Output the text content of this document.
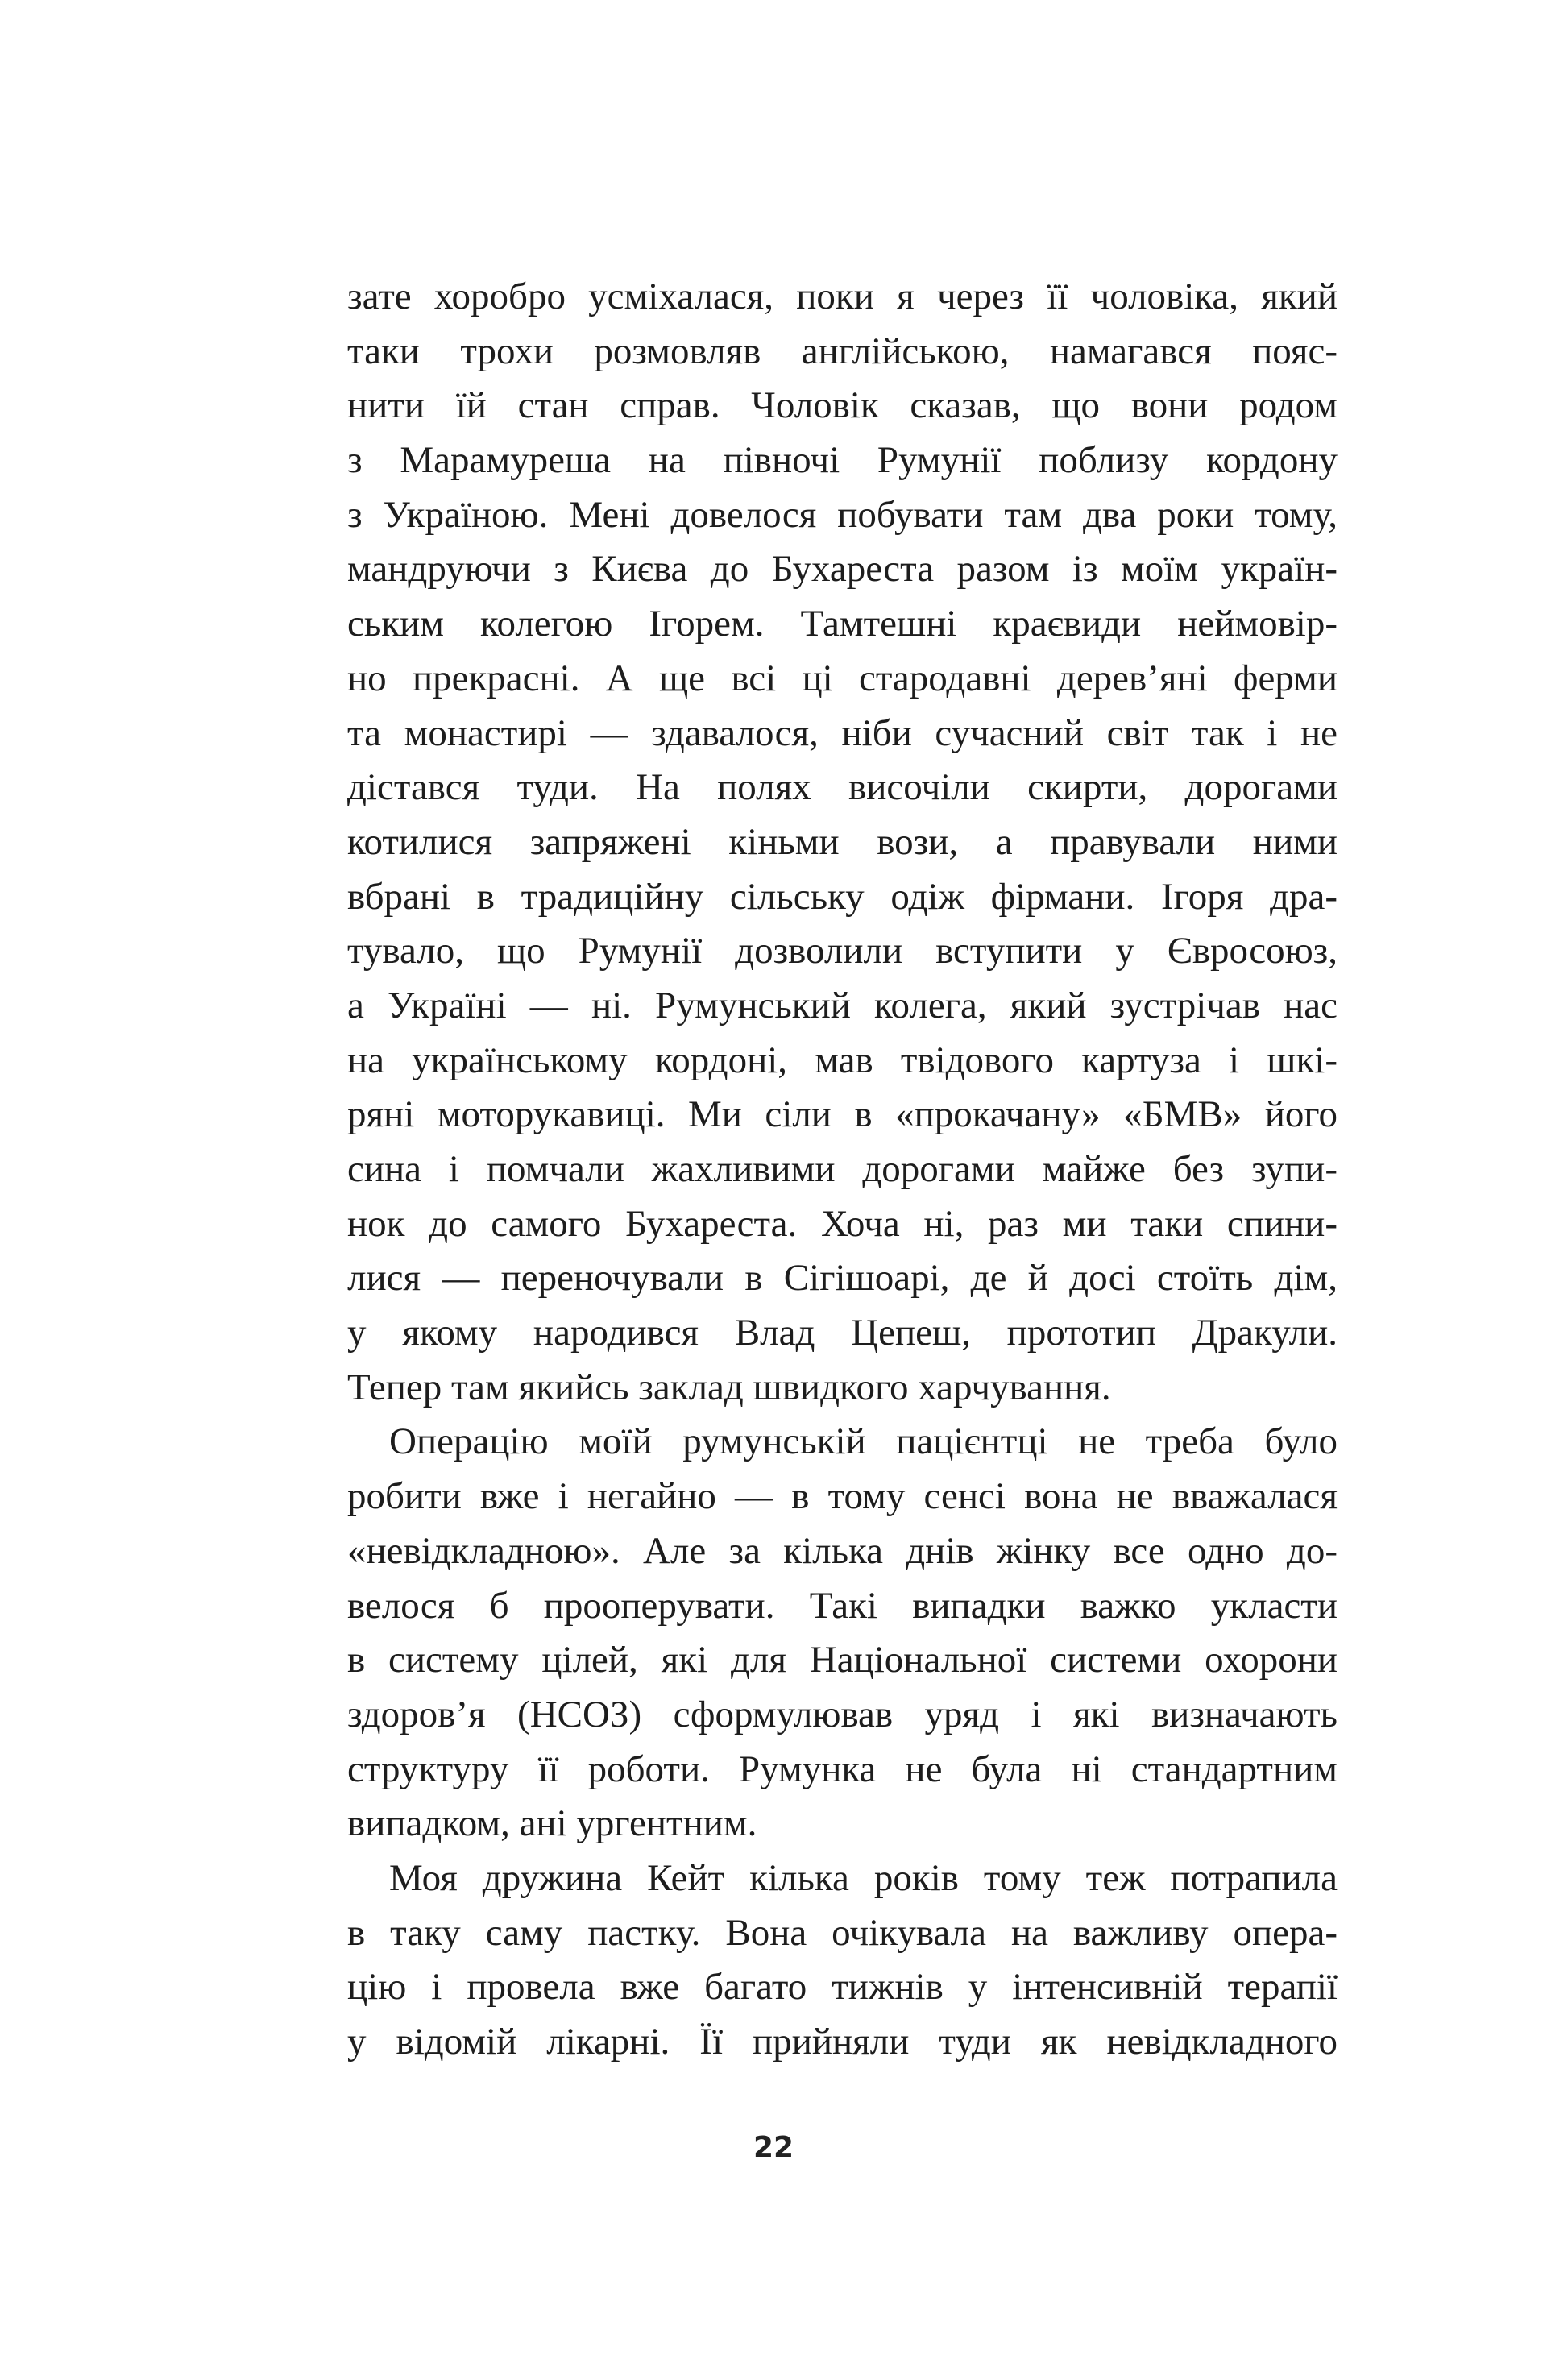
зате хоробро усміхалася, поки я через її чоловіка, який
таки трохи розмовляв англійською, намагався пояс-
нити їй стан справ. Чоловік сказав, що вони родом
з Марамуреша на півночі Румунії поблизу кордону
з Україною. Мені довелося побувати там два роки тому,
мандруючи з Києва до Бухареста разом із моїм україн-
ським колегою Ігорем. Тамтешні краєвиди неймовір-
но прекрасні. А ще всі ці стародавні дерев’яні ферми
та монастирі — здавалося, ніби сучасний світ так і не
дістався туди. На полях височіли скирти, дорогами
котилися запряжені кіньми вози, а правували ними
вбрані в традиційну сільську одіж фірмани. Ігоря дра-
тувало, що Румунії дозволили вступити у Євросоюз,
а Україні — ні. Румунський колега, який зустрічав нас
на українському кордоні, мав твідового картуза і шкі-
ряні моторукавиці. Ми сіли в «прокачану» «БМВ» його
сина і помчали жахливими дорогами майже без зупи-
нок до самого Бухареста. Хоча ні, раз ми таки спини-
лися — переночували в Сігішоарі, де й досі стоїть дім,
у якому народився Влад Цепеш, прототип Дракули.
Тепер там якийсь заклад швидкого харчування.
Операцію моїй румунській пацієнтці не треба було
робити вже і негайно — в тому сенсі вона не вважалася
«невідкладною». Але за кілька днів жінку все одно до-
велося б прооперувати. Такі випадки важко укласти
в систему цілей, які для Національної системи охорони
здоров’я (НСОЗ) сформулював уряд і які визначають
структуру її роботи. Румунка не була ні стандартним
випадком, ані ургентним.
Моя дружина Кейт кілька років тому теж потрапила
в таку саму пастку. Вона очікувала на важливу опера-
цію і провела вже багато тижнів у інтенсивній терапії
у відомій лікарні. Її прийняли туди як невідкладного
22
